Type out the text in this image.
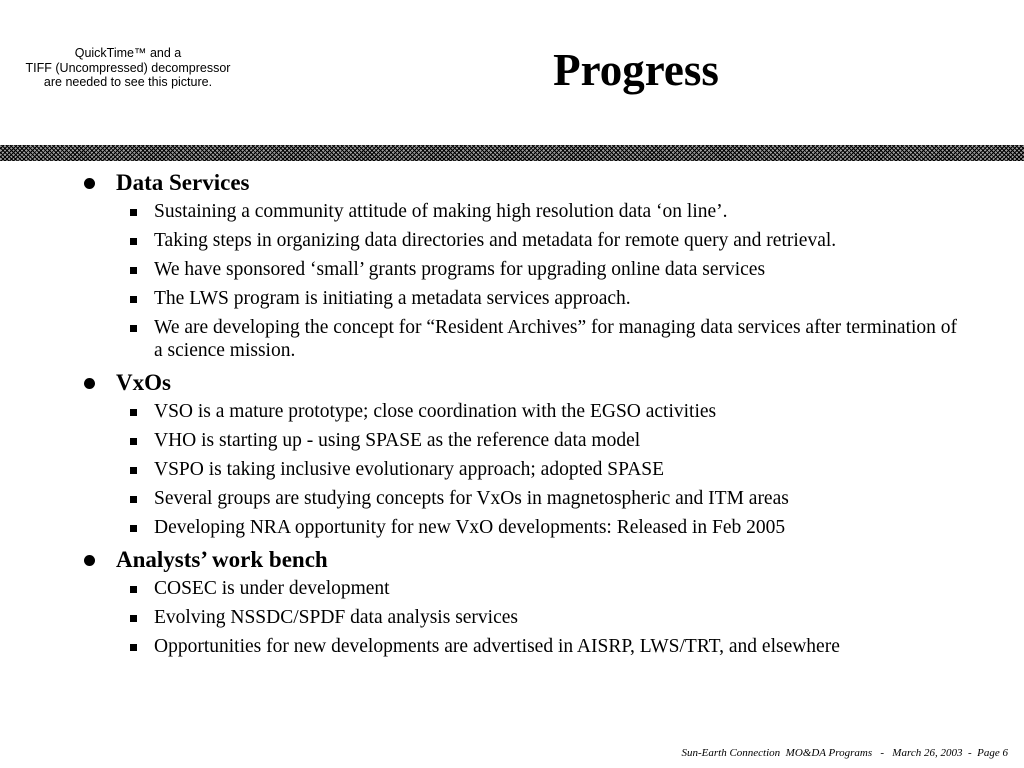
QuickTime™ and a
TIFF (Uncompressed) decompressor
are needed to see this picture.	Progress
Data Services
Sustaining a community attitude of making high resolution data ‘on line’.
Taking steps in organizing data directories and metadata for remote query and retrieval.
We have sponsored ‘small’ grants programs for upgrading online data services
The LWS program is initiating a metadata services approach.
We are developing the concept for “Resident Archives” for managing data services after termination of a science mission.
VxOs
VSO is a mature prototype; close coordination with the EGSO activities
VHO is starting up - using SPASE as the reference data model
VSPO is taking inclusive evolutionary approach; adopted SPASE
Several groups are studying concepts for VxOs in magnetospheric and ITM areas
Developing NRA opportunity for new VxO developments: Released in Feb 2005
Analysts’ work bench
COSEC is under development
Evolving NSSDC/SPDF data analysis services
Opportunities for new developments are advertised in AISRP, LWS/TRT, and elsewhere
Sun-Earth Connection  MO&DA Programs   -   March 26, 2003  -  Page 6
